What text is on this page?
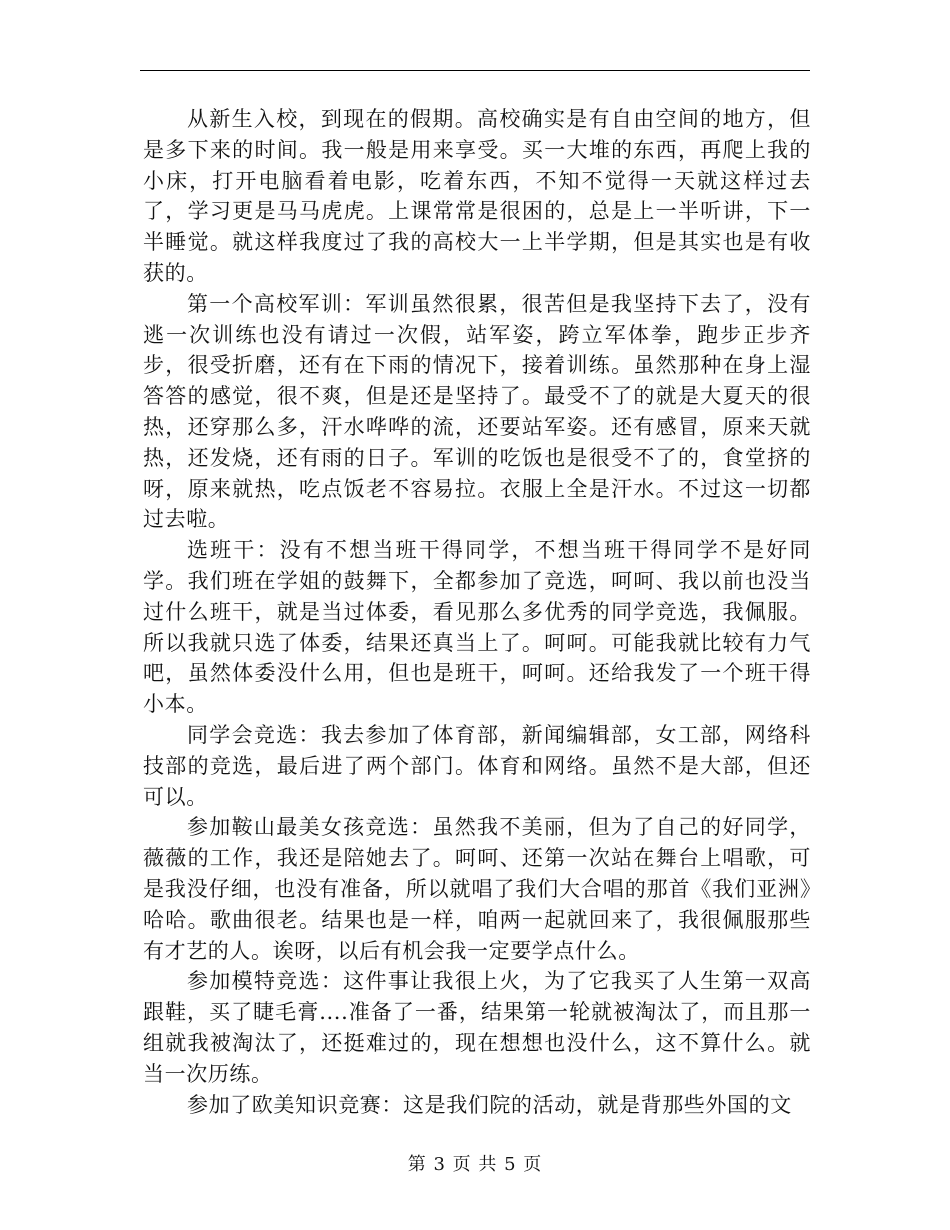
从新生入校，到现在的假期。高校确实是有自由空间的地方，但是多下来的时间。我一般是用来享受。买一大堆的东西，再爬上我的小床，打开电脑看着电影，吃着东西，不知不觉得一天就这样过去了，学习更是马马虎虎。上课常常是很困的，总是上一半听讲，下一半睡觉。就这样我度过了我的高校大一上半学期，但是其实也是有收获的。

第一个高校军训：军训虽然很累，很苦但是我坚持下去了，没有逃一次训练也没有请过一次假，站军姿，跨立军体拳，跑步正步齐步，很受折磨，还有在下雨的情况下，接着训练。虽然那种在身上湿答答的感觉，很不爽，但是还是坚持了。最受不了的就是大夏天的很热，还穿那么多，汗水哗哗的流，还要站军姿。还有感冒，原来天就热，还发烧，还有雨的日子。军训的吃饭也是很受不了的，食堂挤的呀，原来就热，吃点饭老不容易拉。衣服上全是汗水。不过这一切都过去啦。

选班干：没有不想当班干得同学，不想当班干得同学不是好同学。我们班在学姐的鼓舞下，全都参加了竞选，呵呵、我以前也没当过什么班干，就是当过体委，看见那么多优秀的同学竞选，我佩服。所以我就只选了体委，结果还真当上了。呵呵。可能我就比较有力气吧，虽然体委没什么用，但也是班干，呵呵。还给我发了一个班干得小本。

同学会竞选：我去参加了体育部，新闻编辑部，女工部，网络科技部的竞选，最后进了两个部门。体育和网络。虽然不是大部，但还可以。

参加鞍山最美女孩竞选：虽然我不美丽，但为了自己的好同学，薇薇的工作，我还是陪她去了。呵呵、还第一次站在舞台上唱歌，可是我没仔细，也没有准备，所以就唱了我们大合唱的那首《我们亚洲》哈哈。歌曲很老。结果也是一样，咱两一起就回来了，我很佩服那些有才艺的人。诶呀，以后有机会我一定要学点什么。

参加模特竞选：这件事让我很上火，为了它我买了人生第一双高跟鞋，买了睫毛膏....准备了一番，结果第一轮就被淘汰了，而且那一组就我被淘汰了，还挺难过的，现在想想也没什么，这不算什么。就当一次历练。

参加了欧美知识竞赛：这是我们院的活动，就是背那些外国的文

第 3 页 共 5 页
